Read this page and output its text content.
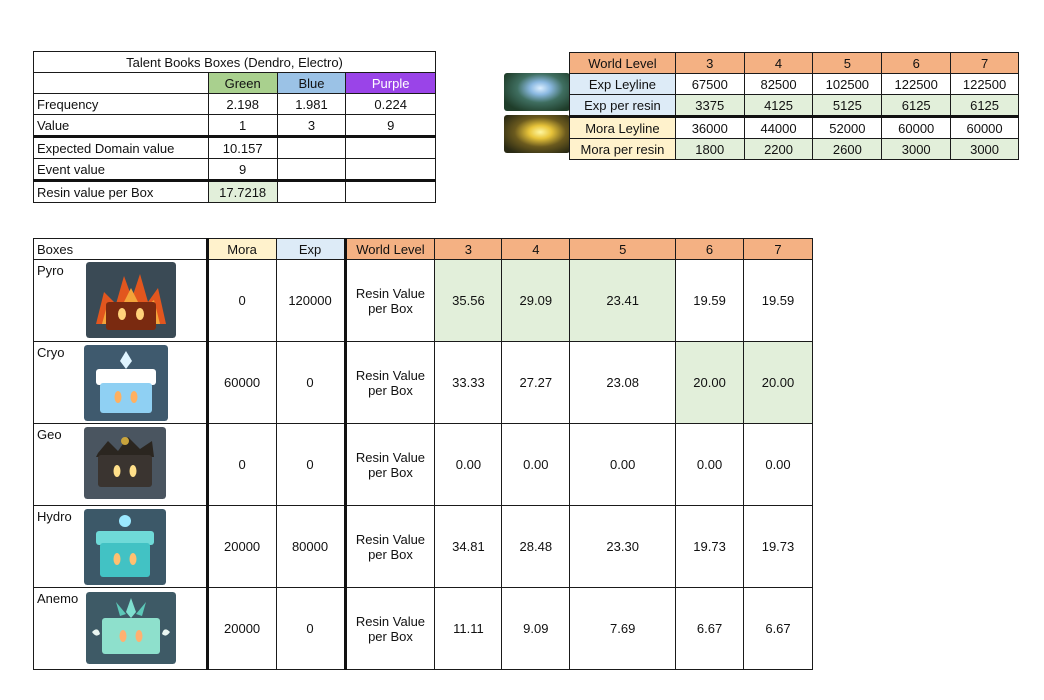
Talent Books Boxes (Dendro, Electro)			
	Green	Blue	Purple
Frequency	2.198	1.981	0.224
Value	1	3	9
Expected Domain value	10.157		
Event value	9		
Resin value per Box	17.7218		
World Level	3	4	5	6	7
Exp Leyline	67500	82500	102500	122500	122500
Exp per resin	3375	4125	5125	6125	6125
Mora Leyline	36000	44000	52000	60000	60000
Mora per resin	1800	2200	2600	3000	3000
Boxes	Mora	Exp	World Level	3	4	5	6	7

Pyro	0	120000	Resin Value
per Box	35.56	29.09	23.41	19.59	19.59

Cryo	60000	0	Resin Value
per Box	33.33	27.27	23.08	20.00	20.00

Geo	0	0	Resin Value
per Box	0.00	0.00	0.00	0.00	0.00

Hydro	20000	80000	Resin Value
per Box	34.81	28.48	23.30	19.73	19.73

Anemo	20000	0	Resin Value
per Box	11.11	9.09	7.69	6.67	6.67
